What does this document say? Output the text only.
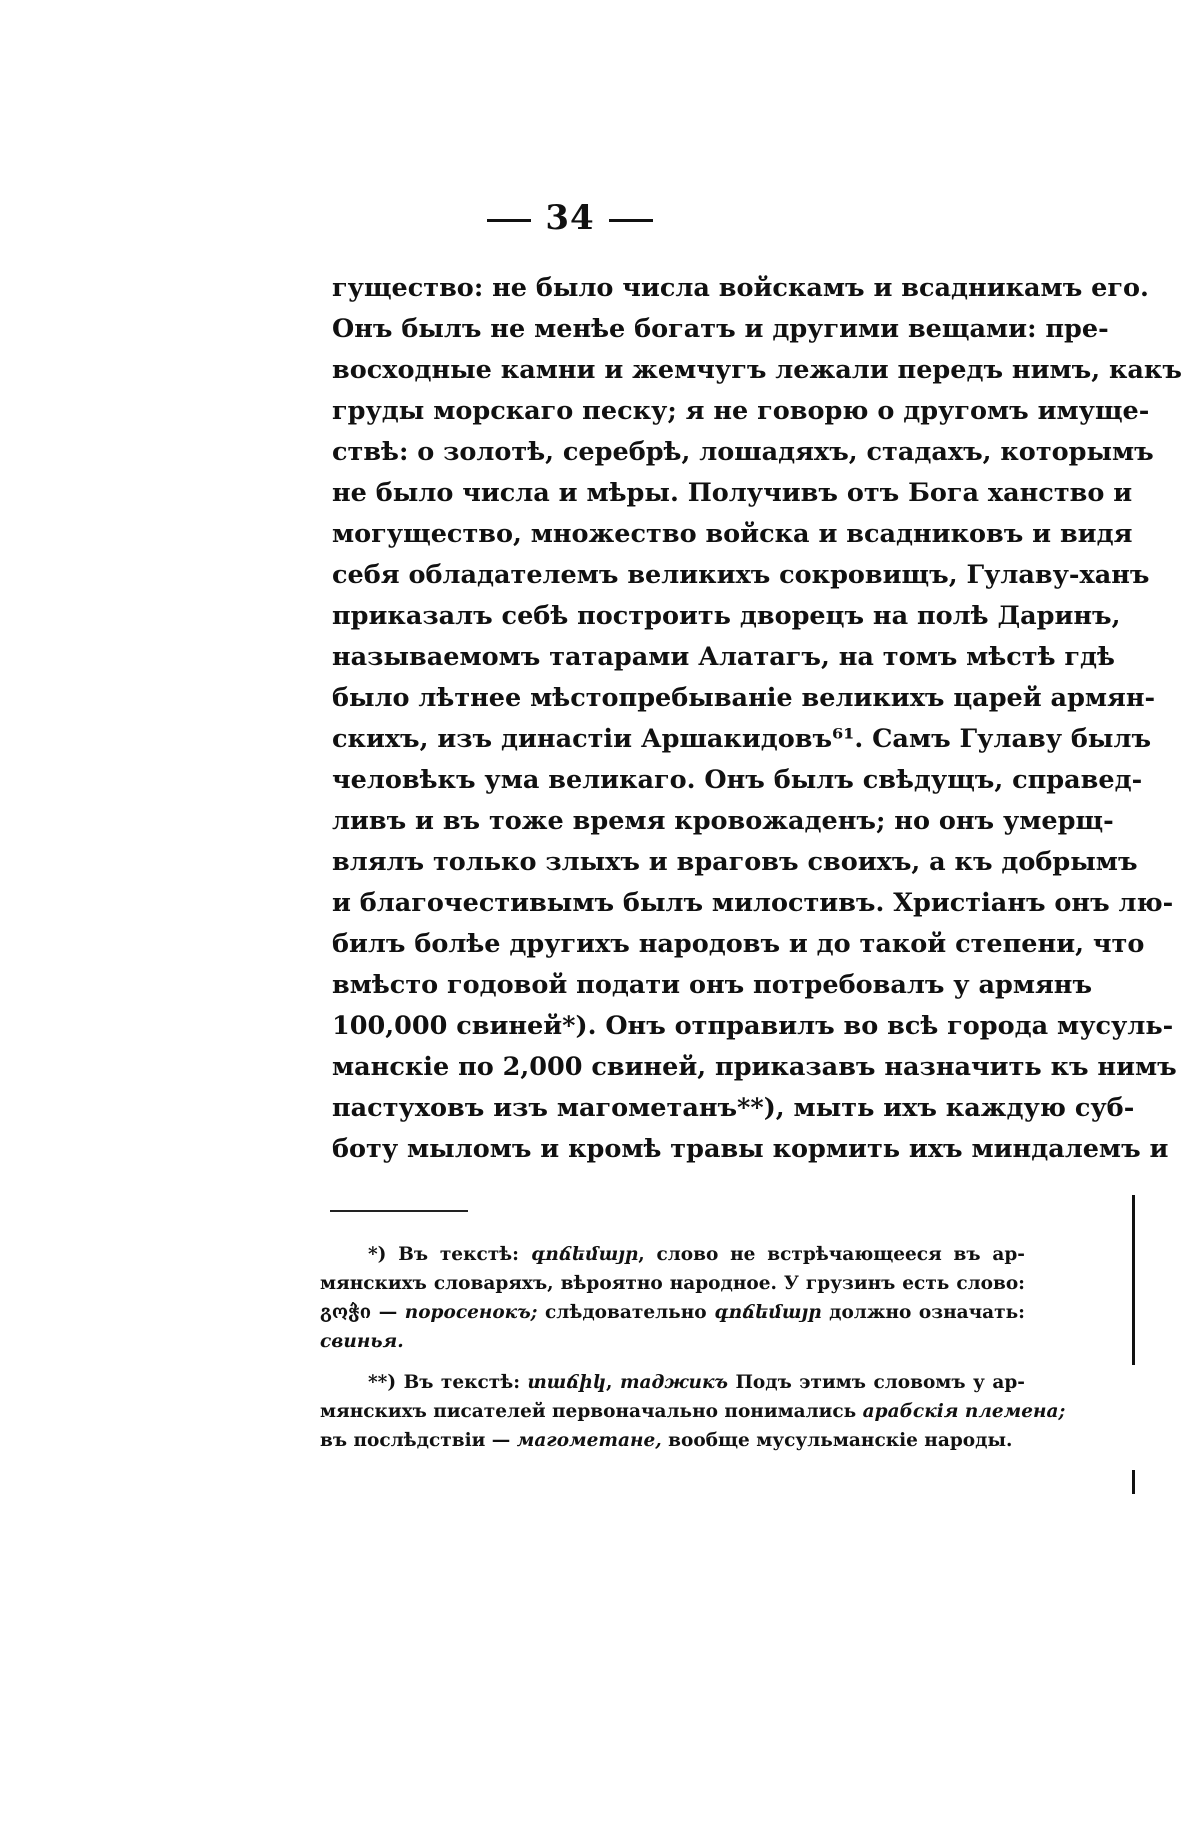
34
гущество: не было числа войскамъ и всадникамъ его.
Онъ былъ не менѣе богатъ и другими вещами: пре-
восходные камни и жемчугъ лежали передъ нимъ, какъ
груды морскаго песку; я не говорю о другомъ имуще-
ствѣ: о золотѣ, серебрѣ, лошадяхъ, стадахъ, которымъ
не было числа и мѣры. Получивъ отъ Бога ханство и
могущество, множество войска и всадниковъ и видя
себя обладателемъ великихъ сокровищъ, Гулаву-ханъ
приказалъ себѣ построить дворецъ на полѣ Даринъ,
называемомъ татарами Алатагъ, на томъ мѣстѣ гдѣ
было лѣтнее мѣстопребываніе великихъ царей армян-
скихъ, изъ династіи Аршакидовъ⁶¹. Самъ Гулаву былъ
человѣкъ ума великаго. Онъ былъ свѣдущъ, справед-
ливъ и въ тоже время кровожаденъ; но онъ умерщ-
влялъ только злыхъ и враговъ своихъ, а къ добрымъ
и благочестивымъ былъ милостивъ. Христіанъ онъ лю-
билъ болѣе другихъ народовъ и до такой степени, что
вмѣсто годовой подати онъ потребовалъ у армянъ
100,000 свиней*). Онъ отправилъ во всѣ города мусуль-
манскіе по 2,000 свиней, приказавъ назначить къ нимъ
пастуховъ изъ магометанъ**), мыть ихъ каждую суб-
боту мыломъ и кромѣ травы кормить ихъ миндалемъ и
*) Въ текстѣ: գոճեմայր, слово не встрѣчающееся въ ар-
мянскихъ словаряхъ, вѣроятно народное. У грузинъ есть слово:
გოჭი — поросенокъ; слѣдовательно գոճեմայր должно означать:
свинья.
**) Въ текстѣ: տաճիկ, таджикъ Подъ этимъ словомъ у ар-
мянскихъ писателей первоначально понимались арабскія племена;
въ послѣдствіи — магометане, вообще мусульманскіе народы.
